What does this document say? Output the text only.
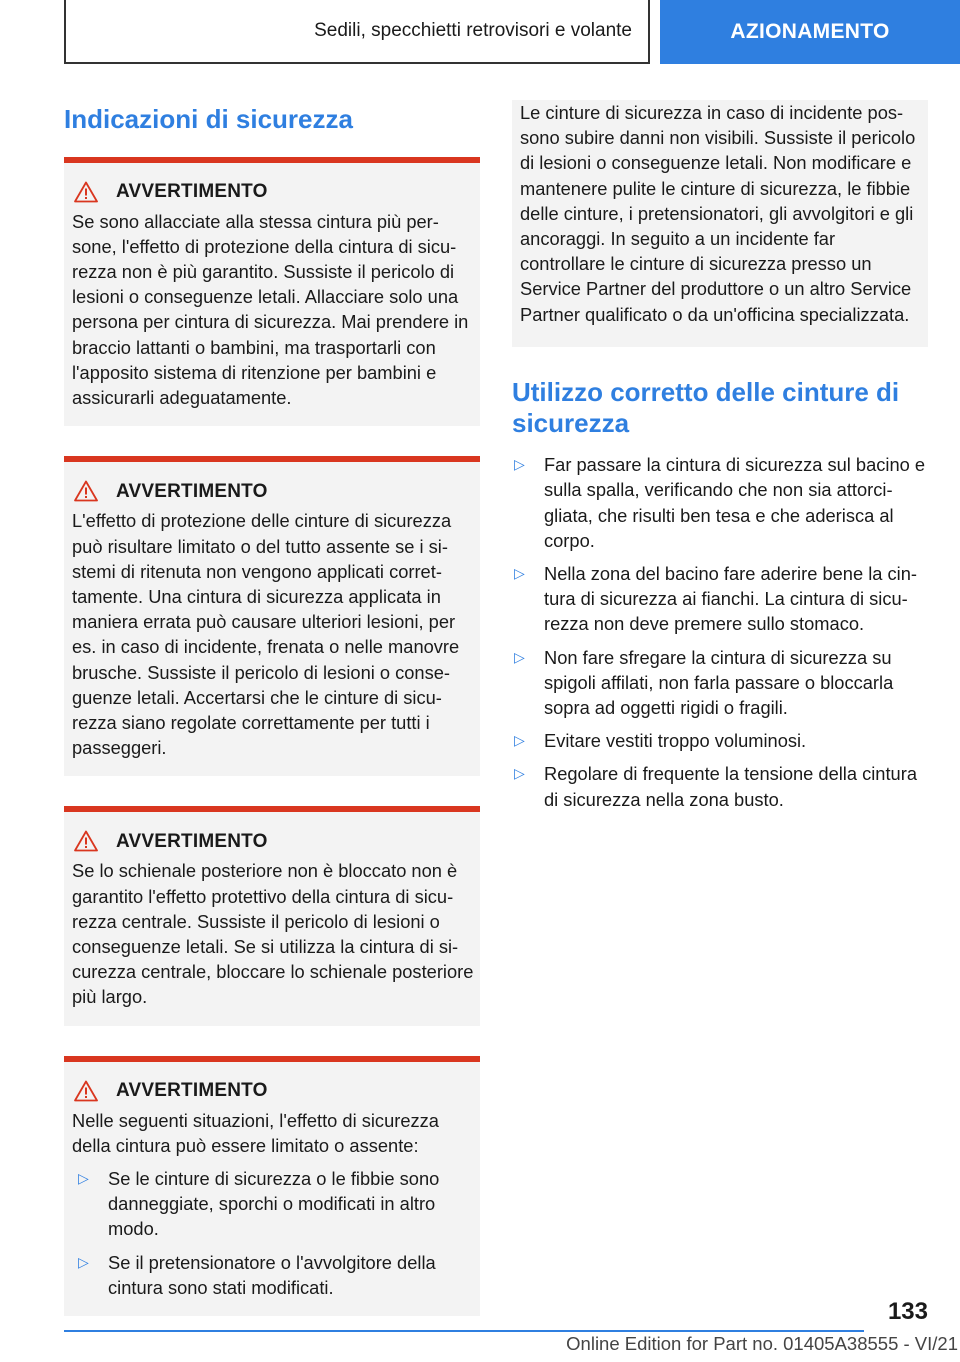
Sedili, specchietti retrovisori e volante	AZIONAMENTO
Indicazioni di sicurezza
AVVERTIMENTO

Se sono allacciate alla stessa cintura più persone, l'effetto di protezione della cintura di sicurezza non è più garantito. Sussiste il pericolo di lesioni o conseguenze letali. Allacciare solo una persona per cintura di sicurezza. Mai prendere in braccio lattanti o bambini, ma trasportarli con l'apposito sistema di ritenzione per bambini e assicurarli adeguatamente.

AVVERTIMENTO

L'effetto di protezione delle cinture di sicurezza può risultare limitato o del tutto assente se i sistemi di ritenuta non vengono applicati correttamente. Una cintura di sicurezza applicata in maniera errata può causare ulteriori lesioni, per es. in caso di incidente, frenata o nelle manovre brusche. Sussiste il pericolo di lesioni o conseguenze letali. Accertarsi che le cinture di sicurezza siano regolate correttamente per tutti i passeggeri.

AVVERTIMENTO

Se lo schienale posteriore non è bloccato non è garantito l'effetto protettivo della cintura di sicurezza centrale. Sussiste il pericolo di lesioni o conseguenze letali. Se si utilizza la cintura di sicurezza centrale, bloccare lo schienale posteriore più largo.

AVVERTIMENTO

Nelle seguenti situazioni, l'effetto di sicurezza della cintura può essere limitato o assente:

▷	Se le cinture di sicurezza o le fibbie sono danneggiate, sporchi o modificati in altro modo.
▷	Se il pretensionatore o l'avvolgitore della cintura sono stati modificati.

Le cinture di sicurezza in caso di incidente possono subire danni non visibili. Sussiste il pericolo di lesioni o conseguenze letali. Non modificare e mantenere pulite le cinture di sicurezza, le fibbie delle cinture, i pretensionatori, gli avvolgitori e gli ancoraggi. In seguito a un incidente far controllare le cinture di sicurezza presso un Service Partner del produttore o un altro Service Partner qualificato o da un'officina specializzata.

Utilizzo corretto delle cinture di sicurezza
▷	Far passare la cintura di sicurezza sul bacino e sulla spalla, verificando che non sia attorcigliata, che risulti ben tesa e che aderisca al corpo.
▷	Nella zona del bacino fare aderire bene la cintura di sicurezza ai fianchi. La cintura di sicurezza non deve premere sullo stomaco.
▷	Non fare sfregare la cintura di sicurezza su spigoli affilati, non farla passare o bloccarla sopra ad oggetti rigidi o fragili.
▷	Evitare vestiti troppo voluminosi.
▷	Regolare di frequente la tensione della cintura di sicurezza nella zona busto.
133
Online Edition for Part no. 01405A38555 - VI/21
